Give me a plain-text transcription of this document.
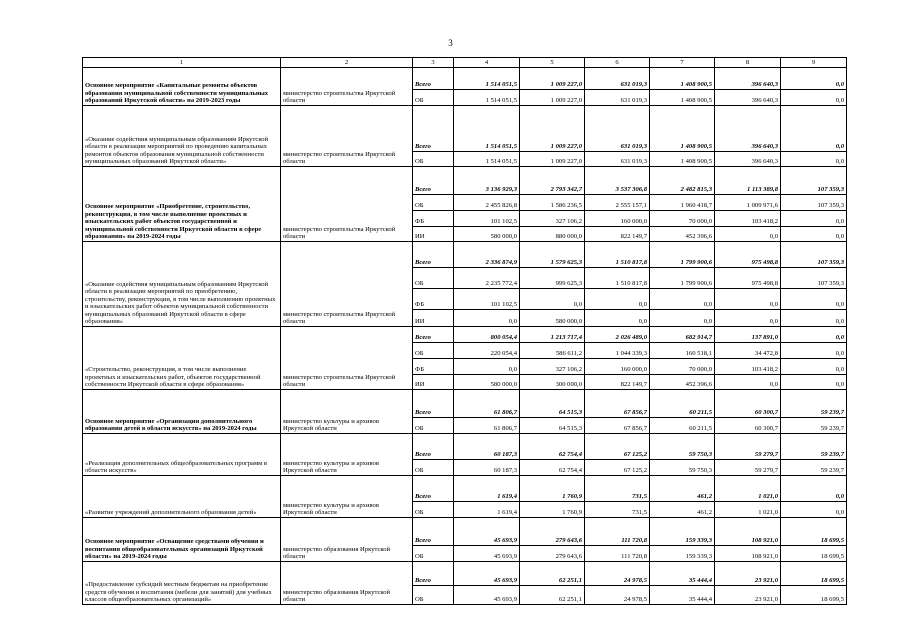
3
1	2	3	4	5	6	7	8	9
Основное мероприятие «Капитальные ремонты объектов образования муниципальной собственности муниципальных образований Иркутской области» на 2019-2023 годы	министерство строительства Иркутской области	Всего	1 514 051,5	1 009 227,0	631 019,3	1 408 900,5	396 640,3	0,0
		ОБ	1 514 051,5	1 009 227,0	631 019,3	1 408 900,5	396 640,3	0,0
«Оказание содействия муниципальным образованиям Иркутской области в реализации мероприятий по проведению капитальных ремонтов объектов образования муниципальной собственности муниципальных образований Иркутской области»	министерство строительства Иркутской области	Всего	1 514 051,5	1 009 227,0	631 019,3	1 408 900,5	396 640,3	0,0
		ОБ	1 514 051,5	1 009 227,0	631 019,3	1 408 900,5	396 640,3	0,0
Основное мероприятие «Приобретение, строительство, реконструкция, в том числе выполнение проектных и изыскательских работ объектов государственной и муниципальной собственности Иркутской области в сфере образования» на 2019-2024 годы	министерство строительства Иркутской области	Всего	3 136 929,3	2 793 342,7	3 537 306,8	2 482 815,3	1 113 389,8	107 359,3
		ОБ	2 455 826,8	1 586 236,5	2 555 157,1	1 960 418,7	1 009 971,6	107 359,3
		ФБ	101 102,5	327 106,2	160 000,0	70 000,0	103 418,2	0,0
		ИИ	580 000,0	880 000,0	822 149,7	452 396,6	0,0	0,0
«Оказание содействия муниципальным образованиям Иркутской области в реализации мероприятий по приобретению, строительству, реконструкции, в том числе выполнению проектных и изыскательских работ объектов муниципальной собственности муниципальных образований Иркутской области в сфере образования»	министерство строительства Иркутской области	Всего	2 336 874,9	1 579 625,3	1 510 817,8	1 799 900,6	975 498,8	107 359,3
		ОБ	2 235 772,4	999 625,3	1 510 817,8	1 799 900,6	975 498,8	107 359,3
		ФБ	101 102,5	0,0	0,0	0,0	0,0	0,0
		ИИ	0,0	580 000,0	0,0	0,0	0,0	0,0
«Строительство, реконструкция, в том числе выполнение проектных и изыскательских работ, объектов государственной собственности Иркутской области в сфере образования»	министерство строительства Иркутской области	Всего	800 054,4	1 213 717,4	2 026 489,0	682 914,7	137 891,0	0,0
		ОБ	220 054,4	586 611,2	1 044 339,3	160 518,1	34 472,8	0,0
		ФБ	0,0	327 106,2	160 000,0	70 000,0	103 418,2	0,0
		ИИ	580 000,0	300 000,0	822 149,7	452 396,6	0,0	0,0
Основное мероприятие «Организация дополнительного образования детей в области искусств» на 2019-2024 годы	министерство культуры и архивов Иркутской области	Всего	61 806,7	64 515,3	67 856,7	60 211,5	60 300,7	59 239,7
		ОБ	61 806,7	64 515,3	67 856,7	60 211,5	60 300,7	59 239,7
«Реализация дополнительных общеобразовательных программ в области искусств»	министерство культуры и архивов Иркутской области	Всего	60 187,3	62 754,4	67 125,2	59 750,3	59 279,7	59 239,7
		ОБ	60 187,3	62 754,4	67 125,2	59 750,3	59 279,7	59 239,7
«Развитие учреждений дополнительного образования детей»	министерство культуры и архивов Иркутской области	Всего	1 619,4	1 760,9	731,5	461,2	1 021,0	0,0
		ОБ	1 619,4	1 760,9	731,5	461,2	1 021,0	0,0
Основное мероприятие «Оснащение средствами обучения и воспитания общеобразовательных организаций Иркутской области» на 2019-2024 годы	министерство образования Иркутской области	Всего	45 693,9	279 643,6	111 720,8	159 339,3	108 921,0	18 699,5
		ОБ	45 693,9	279 643,6	111 720,8	159 339,3	108 921,0	18 699,5
«Предоставление субсидий местным бюджетам на приобретение средств обучения и воспитания (мебели для занятий) для учебных классов общеобразовательных организаций»	министерство образования Иркутской области	Всего	45 693,9	62 251,1	24 978,5	35 444,4	23 921,0	18 699,5
		ОБ	45 693,9	62 251,1	24 978,5	35 444,4	23 921,0	18 699,5
